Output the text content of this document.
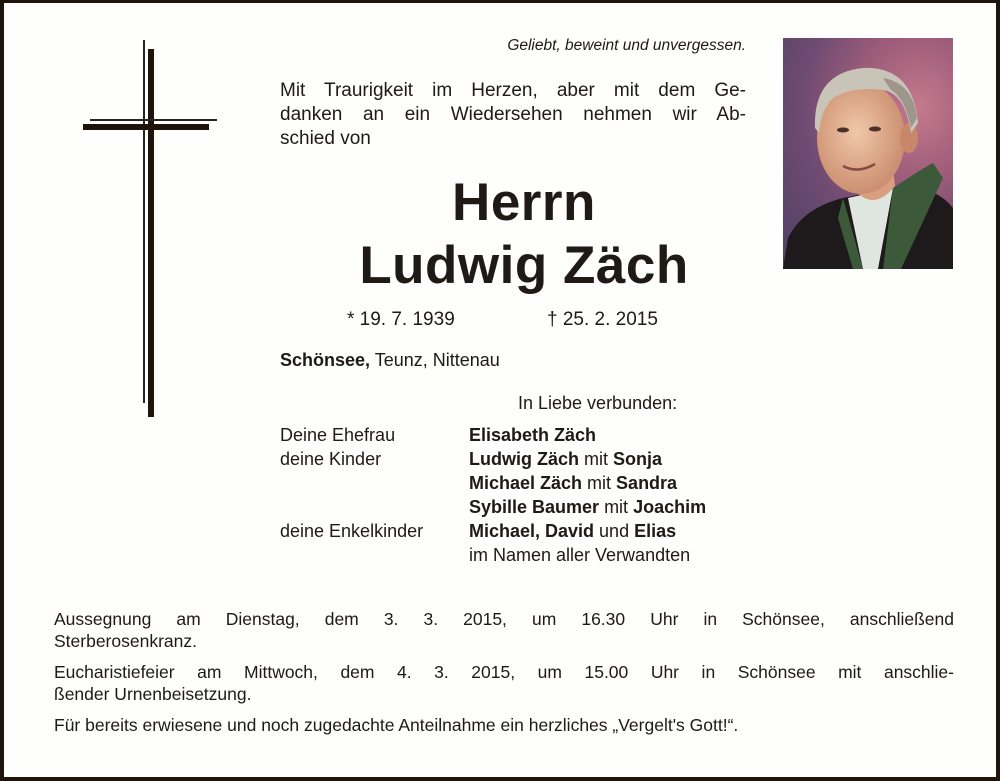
Geliebt, beweint und unvergessen.
Mit Traurigkeit im Herzen, aber mit dem Ge-
danken an ein Wiedersehen nehmen wir Ab-
schied von
Herrn
Ludwig Zäch
* 19. 7. 1939	† 25. 2. 2015
Schönsee, Teunz, Nittenau
In Liebe verbunden:
Deine Ehefrau	Elisabeth Zäch
deine Kinder	Ludwig Zäch mit Sonja
Michael Zäch mit Sandra
Sybille Baumer mit Joachim
deine Enkelkinder	Michael, David und Elias
im Namen aller Verwandten

Aussegnung am Dienstag, dem 3. 3. 2015, um 16.30 Uhr in Schönsee, anschließend
Sterberosenkranz.

Eucharistiefeier am Mittwoch, dem 4. 3. 2015, um 15.00 Uhr in Schönsee mit anschlie-
ßender Urnenbeisetzung.

Für bereits erwiesene und noch zugedachte Anteilnahme ein herzliches „Vergelt's Gott!“.
